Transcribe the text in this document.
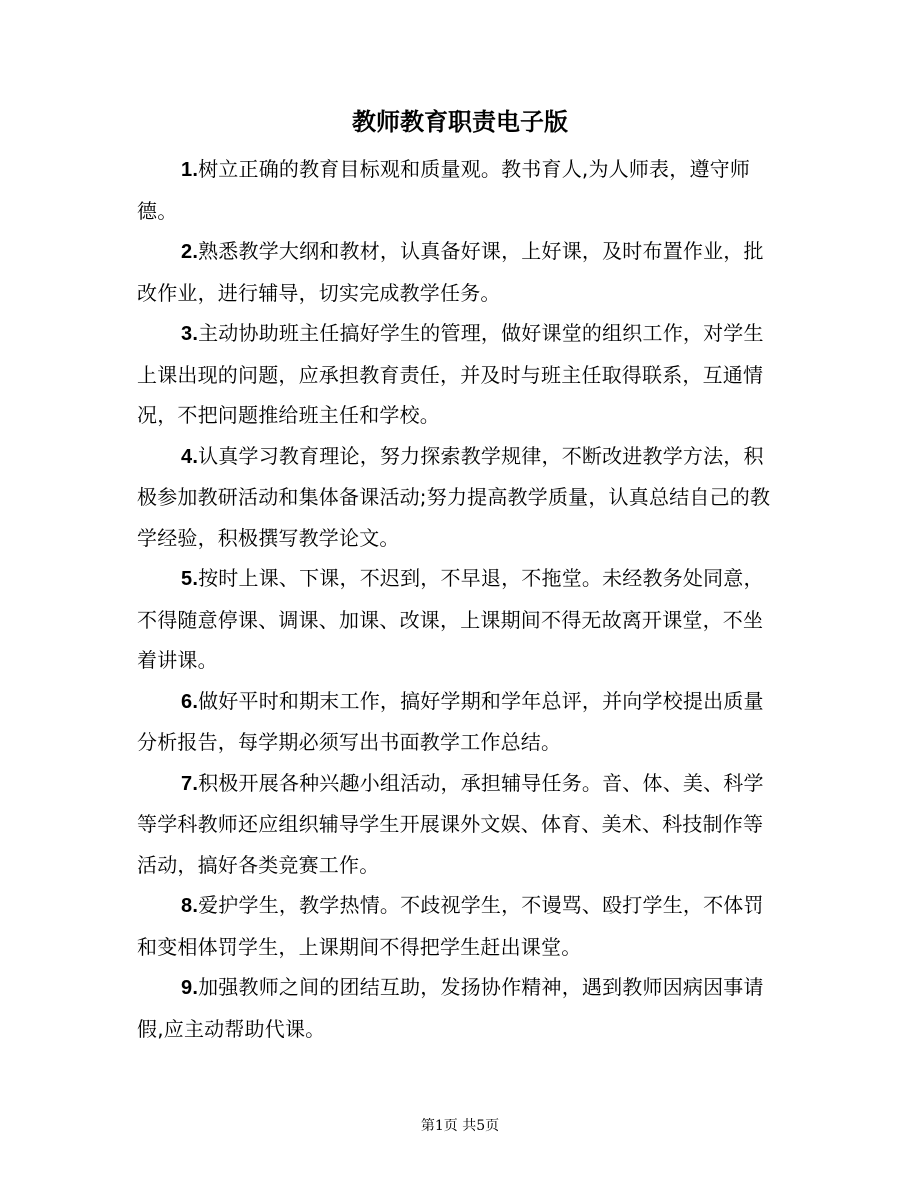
教师教育职责电子版

1.树立正确的教育目标观和质量观。教书育人,为人师表，遵守师德。

2.熟悉教学大纲和教材，认真备好课，上好课，及时布置作业，批改作业，进行辅导，切实完成教学任务。

3.主动协助班主任搞好学生的管理，做好课堂的组织工作，对学生上课出现的问题，应承担教育责任，并及时与班主任取得联系，互通情况，不把问题推给班主任和学校。

4.认真学习教育理论，努力探索教学规律，不断改进教学方法，积极参加教研活动和集体备课活动;努力提高教学质量，认真总结自己的教学经验，积极撰写教学论文。

5.按时上课、下课，不迟到，不早退，不拖堂。未经教务处同意，不得随意停课、调课、加课、改课，上课期间不得无故离开课堂，不坐着讲课。

6.做好平时和期末工作，搞好学期和学年总评，并向学校提出质量分析报告，每学期必须写出书面教学工作总结。

7.积极开展各种兴趣小组活动，承担辅导任务。音、体、美、科学等学科教师还应组织辅导学生开展课外文娱、体育、美术、科技制作等活动，搞好各类竞赛工作。

8.爱护学生，教学热情。不歧视学生，不谩骂、殴打学生，不体罚和变相体罚学生，上课期间不得把学生赶出课堂。

9.加强教师之间的团结互助，发扬协作精神，遇到教师因病因事请假,应主动帮助代课。

第1页 共5页
